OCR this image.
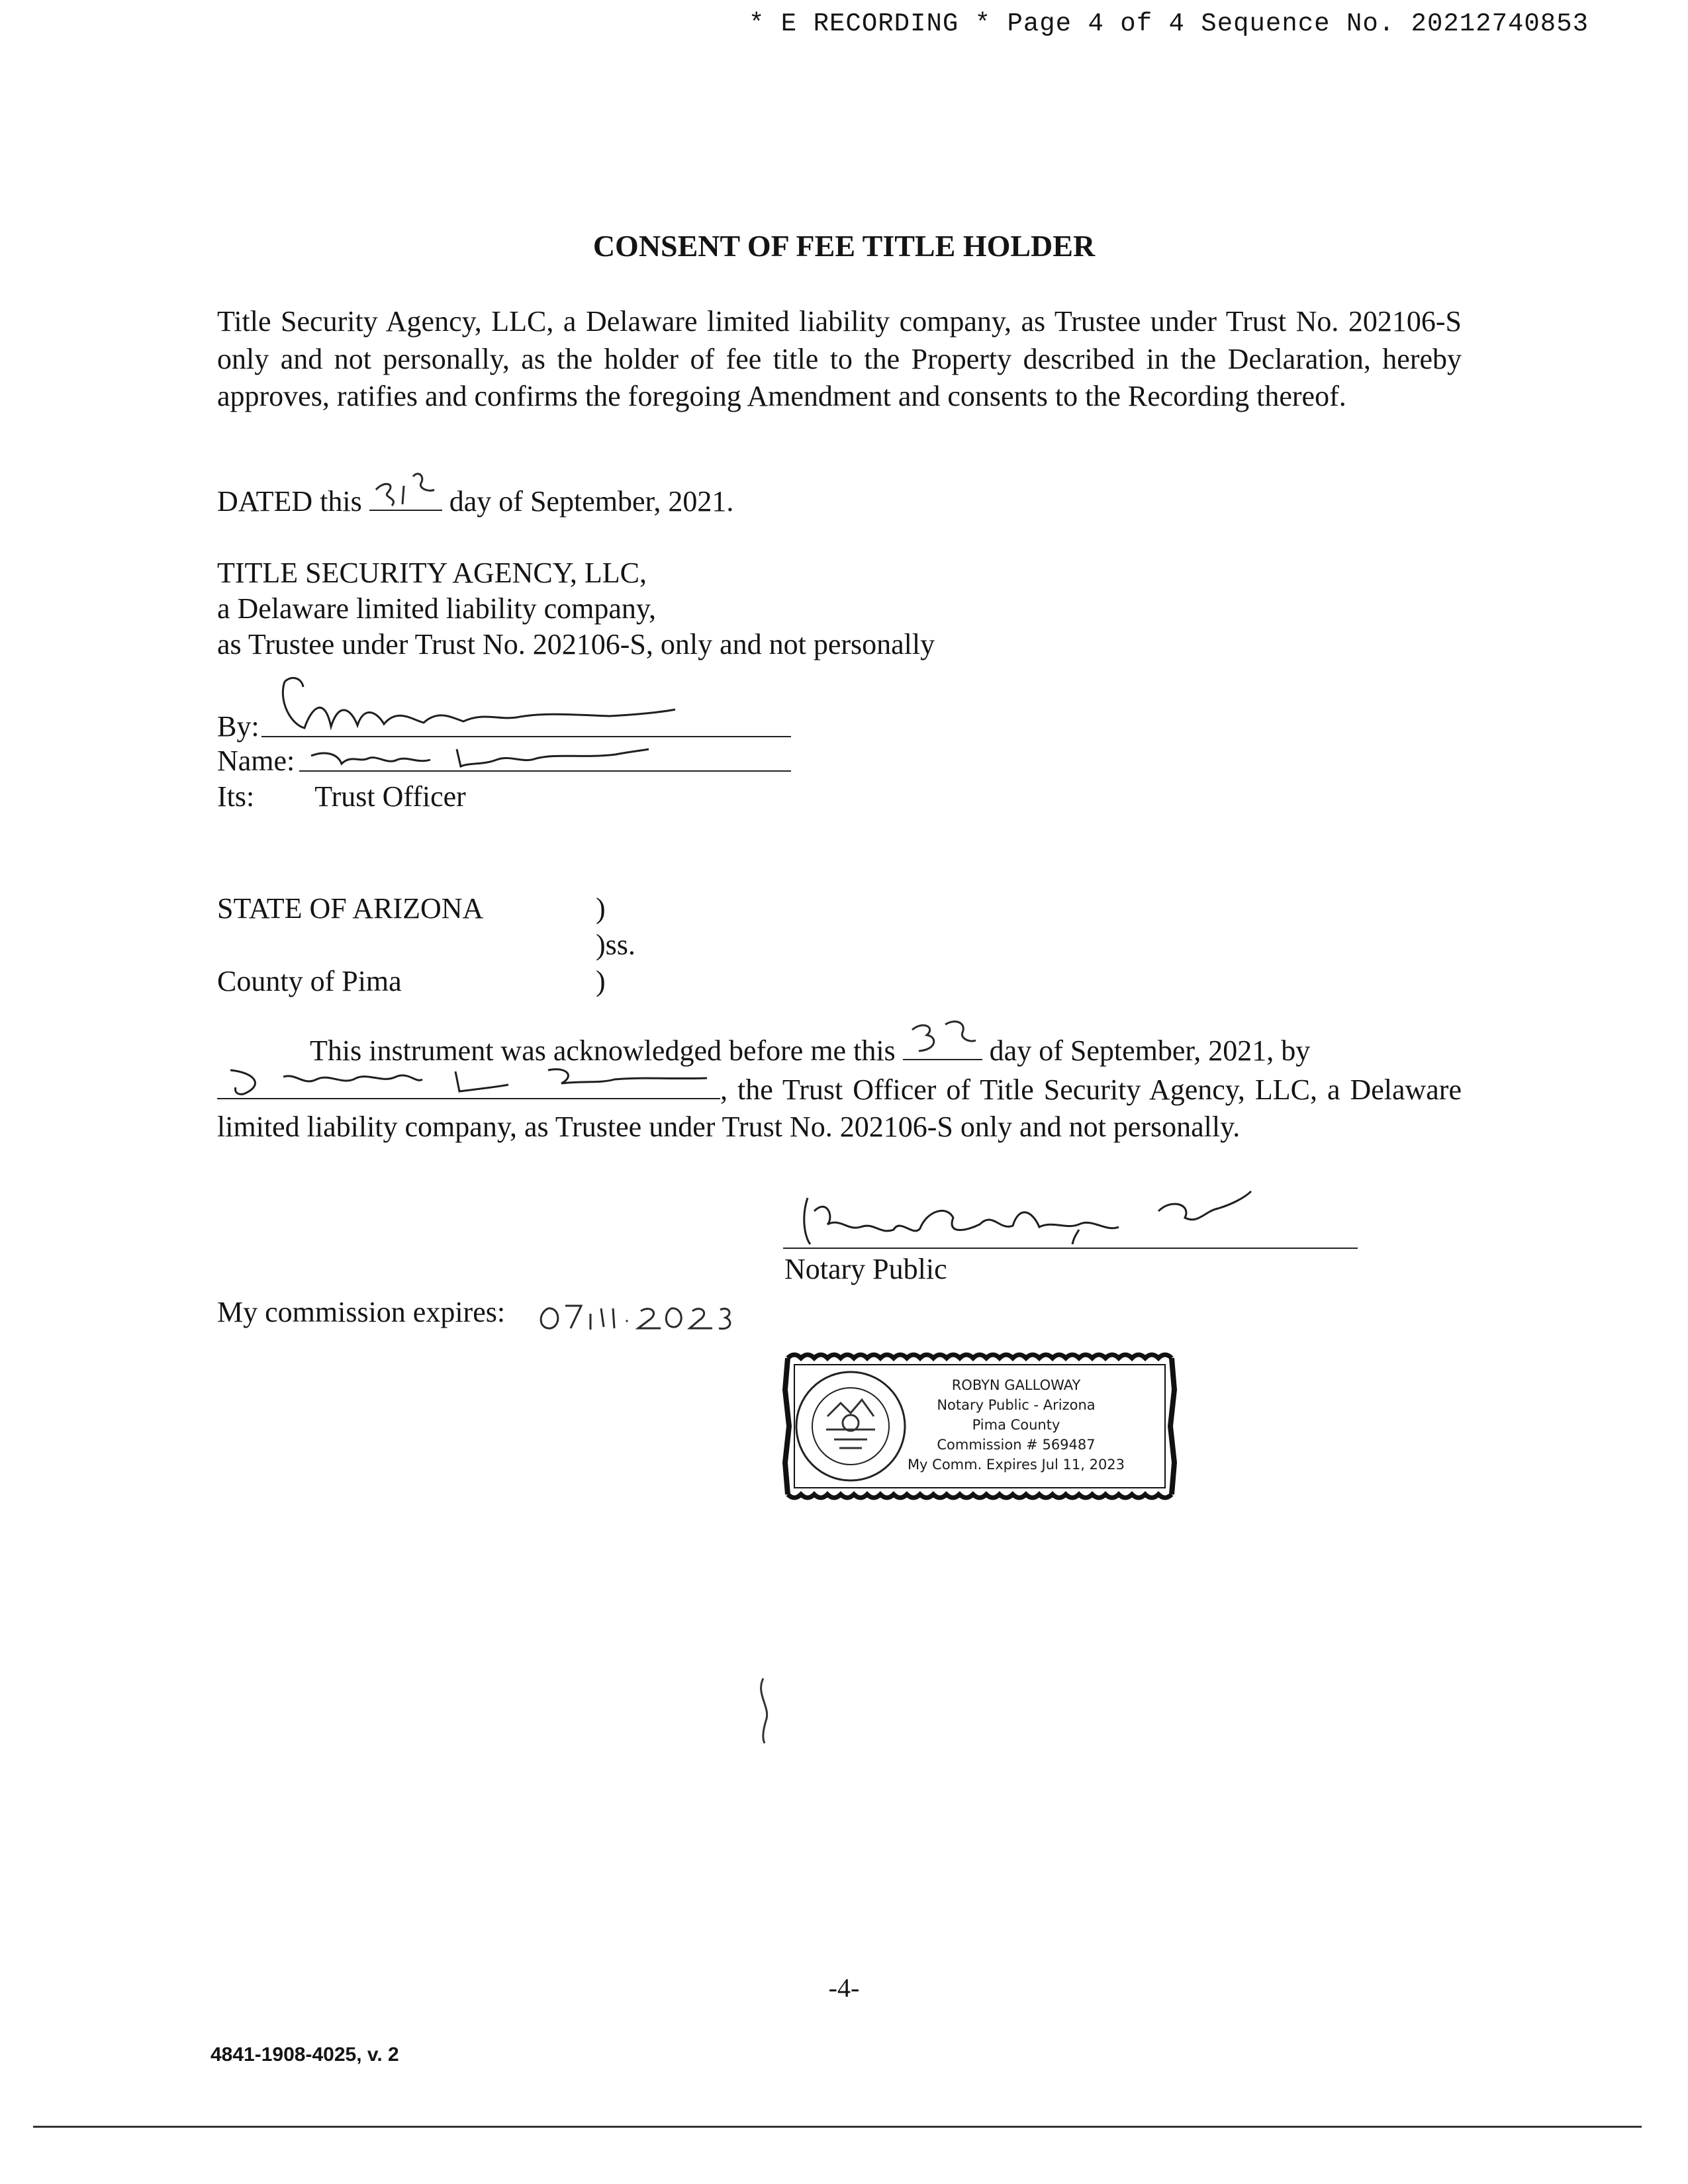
* E RECORDING * Page 4 of 4 Sequence No. 20212740853
CONSENT OF FEE TITLE HOLDER
Title Security Agency, LLC, a Delaware limited liability company, as Trustee under Trust No. 202106-S only and not personally, as the holder of fee title to the Property described in the Declaration, hereby approves, ratifies and confirms the foregoing Amendment and consents to the Recording thereof.
DATED this	day of September, 2021.
TITLE SECURITY AGENCY, LLC,
a Delaware limited liability company,
as Trustee under Trust No. 202106-S, only and not personally
By:
Name:
Its: Trust Officer
STATE OF ARIZONA	)
)ss.
County of Pima	)
This instrument was acknowledged before me this	day of September, 2021, by

, the Trust Officer of Title Security Agency, LLC, a Delaware limited liability company, as Trustee under Trust No. 202106-S only and not personally.
Notary Public
My commission expires:
ROBYN GALLOWAY
Notary Public - Arizona
Pima County
Commission # 569487
My Comm. Expires Jul 11, 2023
-4-
4841-1908-4025, v. 2
